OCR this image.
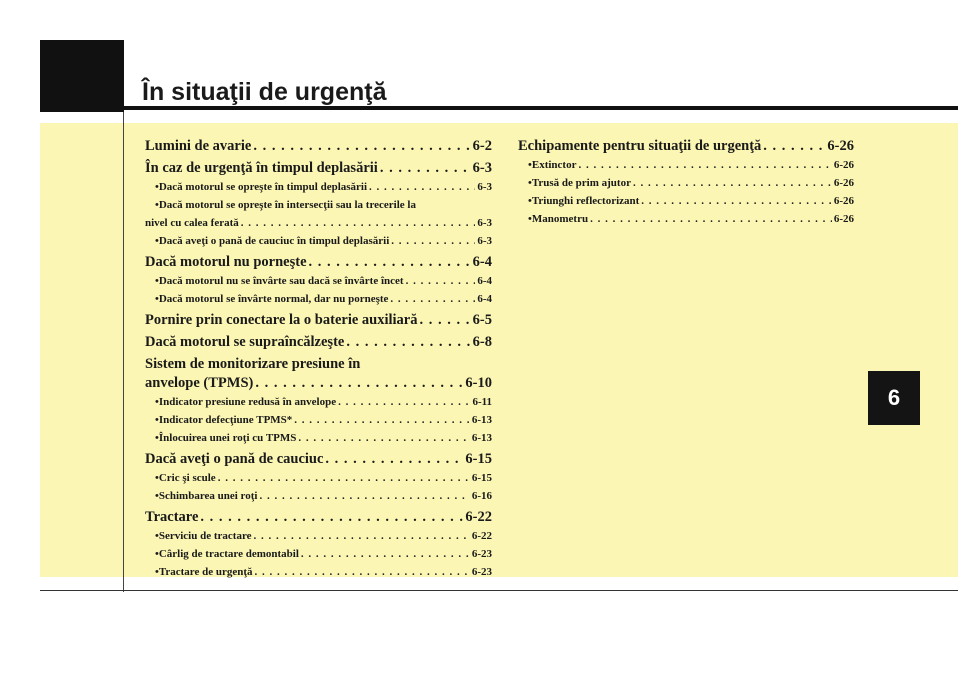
În situaţii de urgenţă
6
Lumini de avarie . . .	6-2
În caz de urgenţă în timpul deplasării . . .	6-3
• Dacă motorul se opreşte în timpul deplasării . . .	6-3
• Dacă motorul se opreşte în intersecţii sau la trecerile la
nivel cu calea ferată . . .	6-3
• Dacă aveţi o pană de cauciuc în timpul deplasării . . .	6-3
Dacă motorul nu porneşte . . .	6-4
• Dacă motorul nu se învârte sau dacă se învârte încet . . .	6-4
• Dacă motorul se învârte normal, dar nu porneşte . . .	6-4
Pornire prin conectare la o baterie auxiliară . . .	6-5
Dacă motorul se supraîncălzeşte . . .	6-8
Sistem de monitorizare presiune în
anvelope (TPMS) . . .	6-10
• Indicator presiune redusă în anvelope . . .	6-11
• Indicator defecţiune TPMS* . . .	6-13
• Înlocuirea unei roţi cu TPMS . . .	6-13
Dacă aveţi o pană de cauciuc . . .	6-15
• Cric şi scule . . .	6-15
• Schimbarea unei roţi . . .	6-16
Tractare . . .	6-22
• Serviciu de tractare . . .	6-22
• Cârlig de tractare demontabil . . .	6-23
• Tractare de urgenţă . . .	6-23
Echipamente pentru situaţii de urgenţă . . .	6-26
• Extinctor . . .	6-26
• Trusă de prim ajutor . . .	6-26
• Triunghi reflectorizant . . .	6-26
• Manometru . . .	6-26
